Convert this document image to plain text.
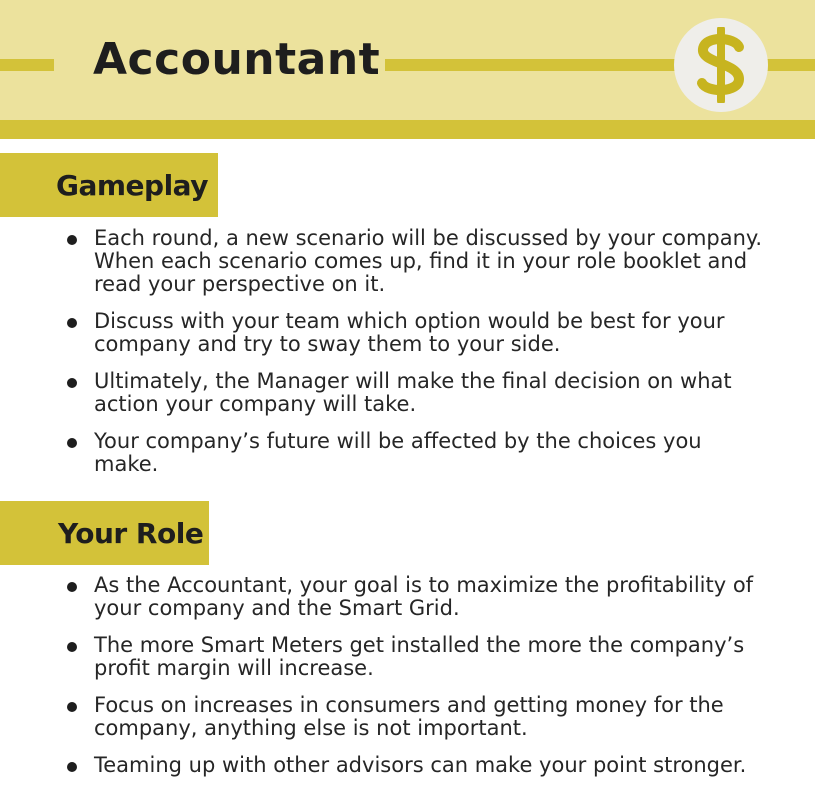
Accountant
Gameplay
Each round, a new scenario will be discussed by your company. When each scenario comes up, find it in your role booklet and read your perspective on it.
Discuss with your team which option would be best for your company and try to sway them to your side.
Ultimately, the Manager will make the final decision on what action your company will take.
Your company’s future will be affected by the choices you make.
Your Role
As the Accountant, your goal is to maximize the profitability of your company and the Smart Grid.
The more Smart Meters get installed the more the company’s profit margin will increase.
Focus on increases in consumers and getting money for the company, anything else is not important.
Teaming up with other advisors can make your point stronger.
